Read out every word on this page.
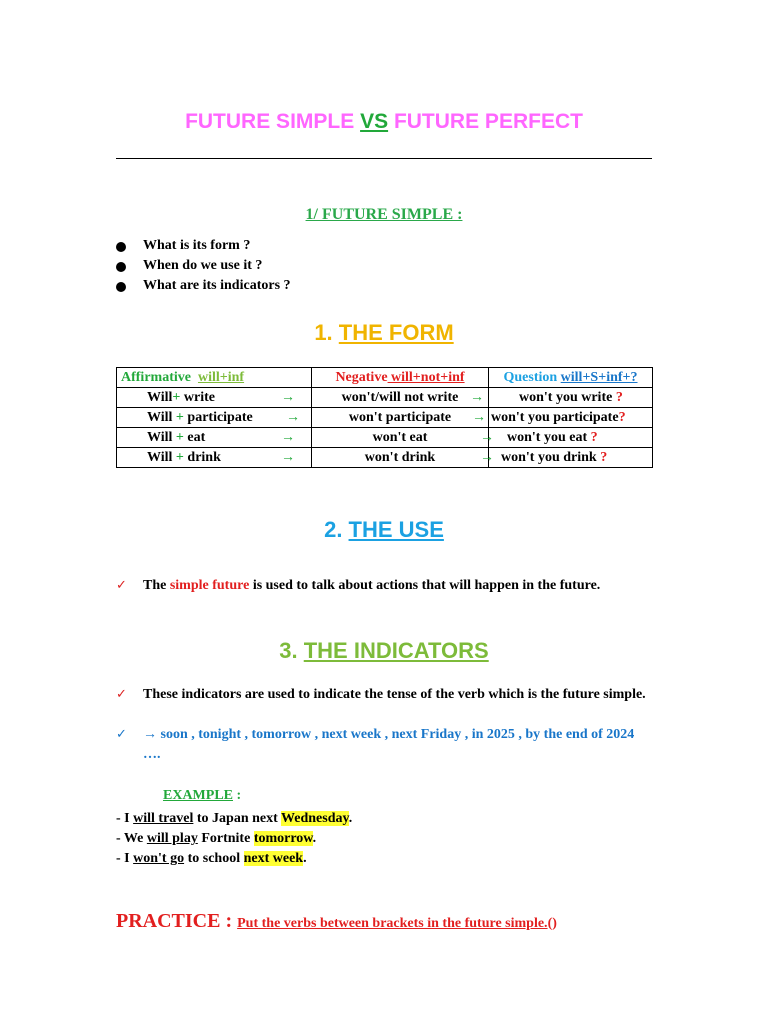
FUTURE SIMPLE VS FUTURE PERFECT
1/ FUTURE SIMPLE :
What is its form ?
When do we use it ?
What are its indicators ?
1. THE FORM
Affirmative will+inf	Negative will+not+inf	Question will+S+inf+?
Will+ write →	won't/will not write →	won't you write ?
Will + participate	→ won't participate →	won't you participate?
Will + eat →	won't eat →	won't you eat ?
Will + drink →	won't drink →	won't you drink ?
2. THE USE
✓ The simple future is used to talk about actions that will happen in the future.
3. THE INDICATORS
✓ These indicators are used to indicate the tense of the verb which is the future simple.
✓ → soon , tonight , tomorrow , next week , next Friday , in 2025 , by the end of 2024 ….
EXAMPLE :
- I will travel to Japan next Wednesday.
- We will play Fortnite tomorrow.
- I won't go to school next week.
PRACTICE : Put the verbs between brackets in the future simple.()
